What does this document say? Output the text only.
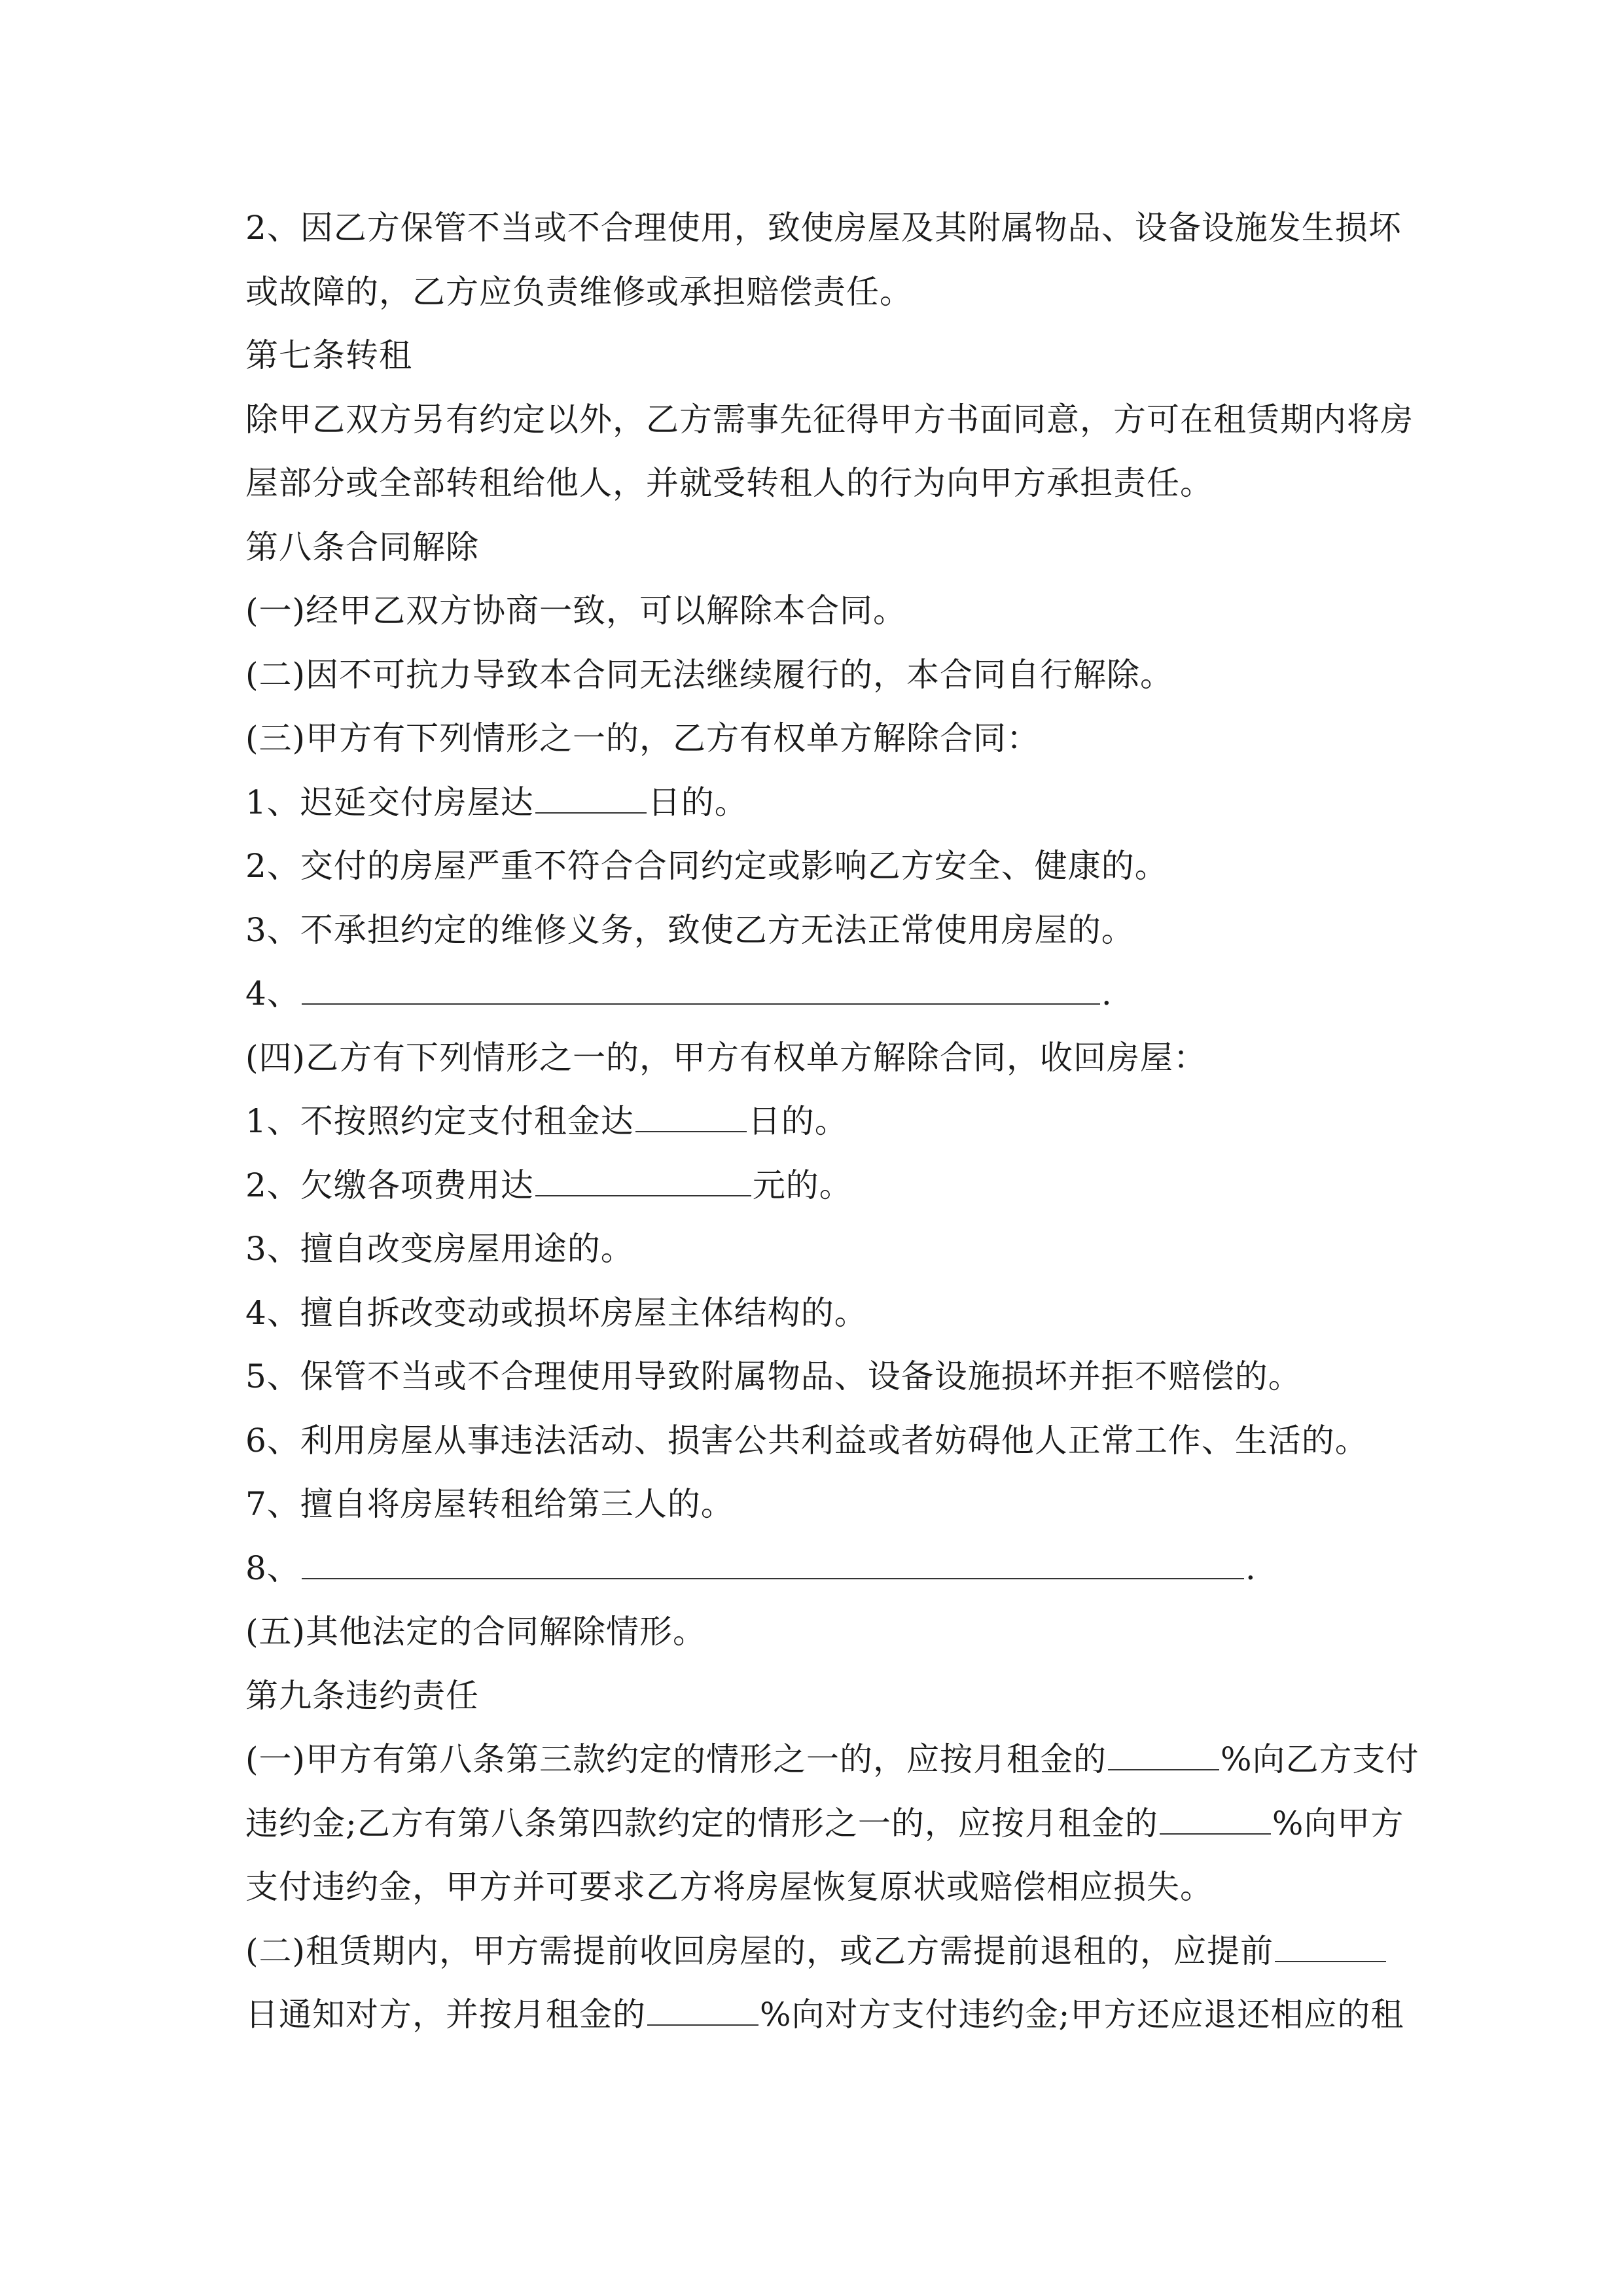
2、因乙方保管不当或不合理使用，致使房屋及其附属物品、设备设施发生损坏
或故障的，乙方应负责维修或承担赔偿责任。
第七条转租
除甲乙双方另有约定以外，乙方需事先征得甲方书面同意，方可在租赁期内将房
屋部分或全部转租给他人，并就受转租人的行为向甲方承担责任。
第八条合同解除
(一)经甲乙双方协商一致，可以解除本合同。
(二)因不可抗力导致本合同无法继续履行的，本合同自行解除。
(三)甲方有下列情形之一的，乙方有权单方解除合同：
1、迟延交付房屋达	日的。
2、交付的房屋严重不符合合同约定或影响乙方安全、健康的。
3、不承担约定的维修义务，致使乙方无法正常使用房屋的。
4、	.
(四)乙方有下列情形之一的，甲方有权单方解除合同，收回房屋：
1、不按照约定支付租金达	日的。
2、欠缴各项费用达	元的。
3、擅自改变房屋用途的。
4、擅自拆改变动或损坏房屋主体结构的。
5、保管不当或不合理使用导致附属物品、设备设施损坏并拒不赔偿的。
6、利用房屋从事违法活动、损害公共利益或者妨碍他人正常工作、生活的。
7、擅自将房屋转租给第三人的。
8、	.
(五)其他法定的合同解除情形。
第九条违约责任
(一)甲方有第八条第三款约定的情形之一的，应按月租金的	%向乙方支付
违约金;乙方有第八条第四款约定的情形之一的，应按月租金的	%向甲方
支付违约金，甲方并可要求乙方将房屋恢复原状或赔偿相应损失。
(二)租赁期内，甲方需提前收回房屋的，或乙方需提前退租的，应提前
日通知对方，并按月租金的	%向对方支付违约金;甲方还应退还相应的租
